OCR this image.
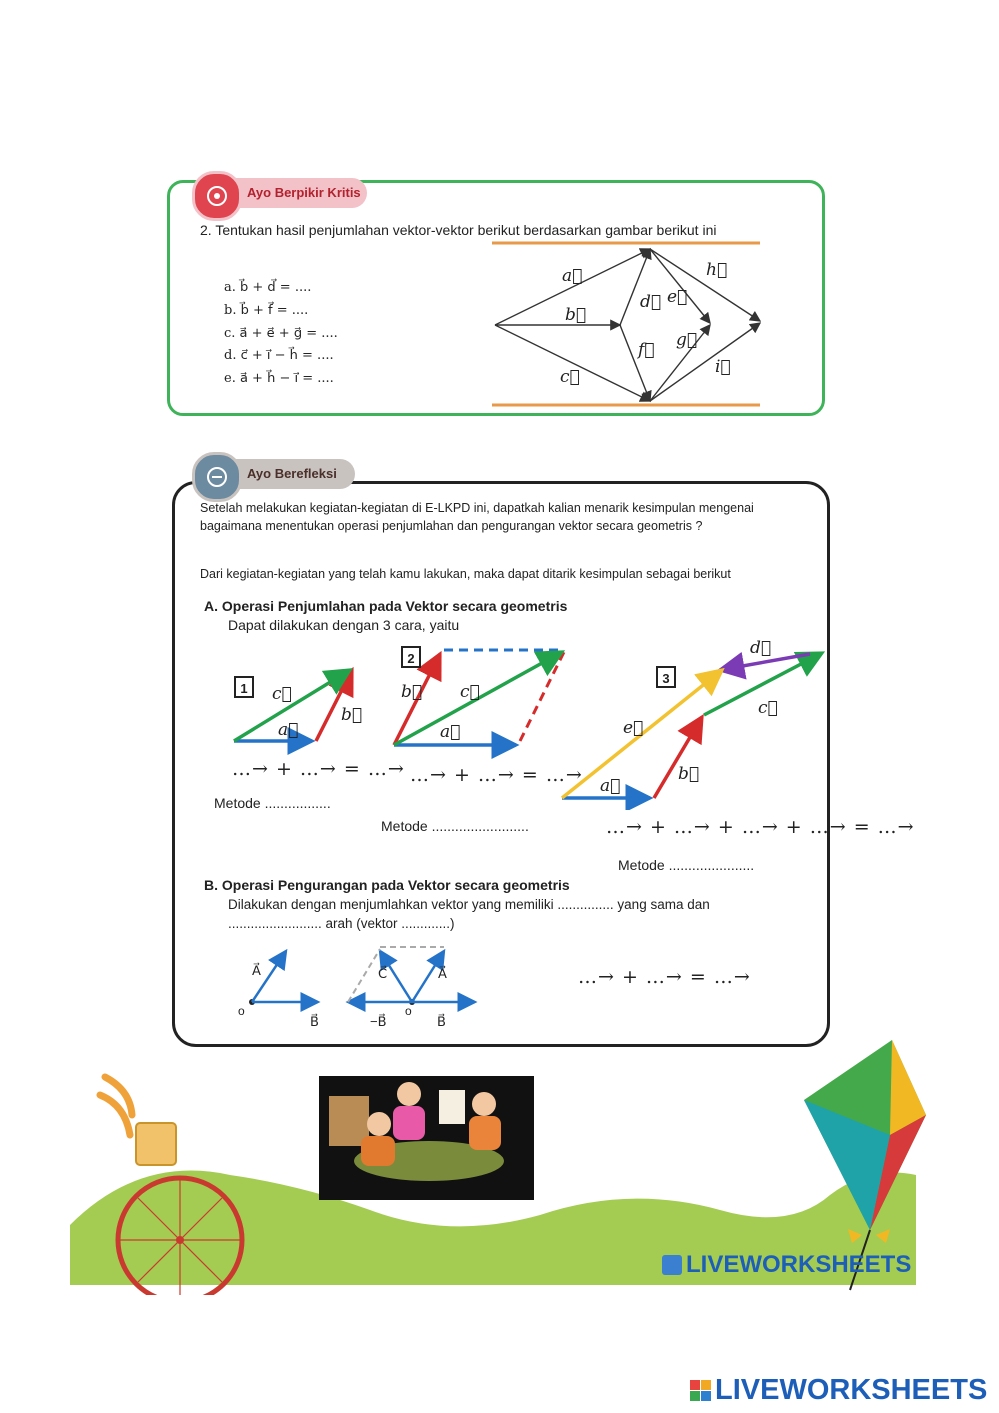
Ayo Berpikir Kritis
2. Tentukan hasil penjumlahan vektor-vektor berikut berdasarkan gambar berikut ini
a. b⃗ + d⃗ = ....
b. b⃗ + f⃗ = ....
c. a⃗ + e⃗ + g⃗ = ....
d. c⃗ + i⃗ − h⃗ = ....
e. a⃗ + h⃗ − i⃗ = ....
a⃗
b⃗
c⃗
d⃗ e⃗
f⃗ g⃗
h⃗
i⃗
Ayo Berefleksi
Setelah melakukan kegiatan-kegiatan di E-LKPD ini, dapatkah kalian menarik kesimpulan mengenai bagaimana menentukan operasi penjumlahan dan pengurangan vektor secara geometris ?
Dari kegiatan-kegiatan yang telah kamu lakukan, maka dapat ditarik kesimpulan sebagai berikut
A. Operasi Penjumlahan pada Vektor secara geometris
Dapat dilakukan dengan 3 cara, yaitu
1
2
3
c⃗
a⃗
b⃗
b⃗ c⃗
a⃗
d⃗
c⃗
e⃗
b⃗
a⃗
…→ + …→ = …→ …→ + …→ = …→
…→ + …→ + …→ + …→ = …→
Metode .................
Metode .........................
Metode ......................
B. Operasi Pengurangan pada Vektor secara geometris
Dilakukan dengan menjumlahkan vektor yang memiliki ............... yang sama dan
......................... arah (vektor .............)
A⃗
B⃗
o
C⃗	A⃗
−B⃗
o
B⃗
…→ + …→ = …→
LIVEWORKSHEETS
LIVEWORKSHEETS
